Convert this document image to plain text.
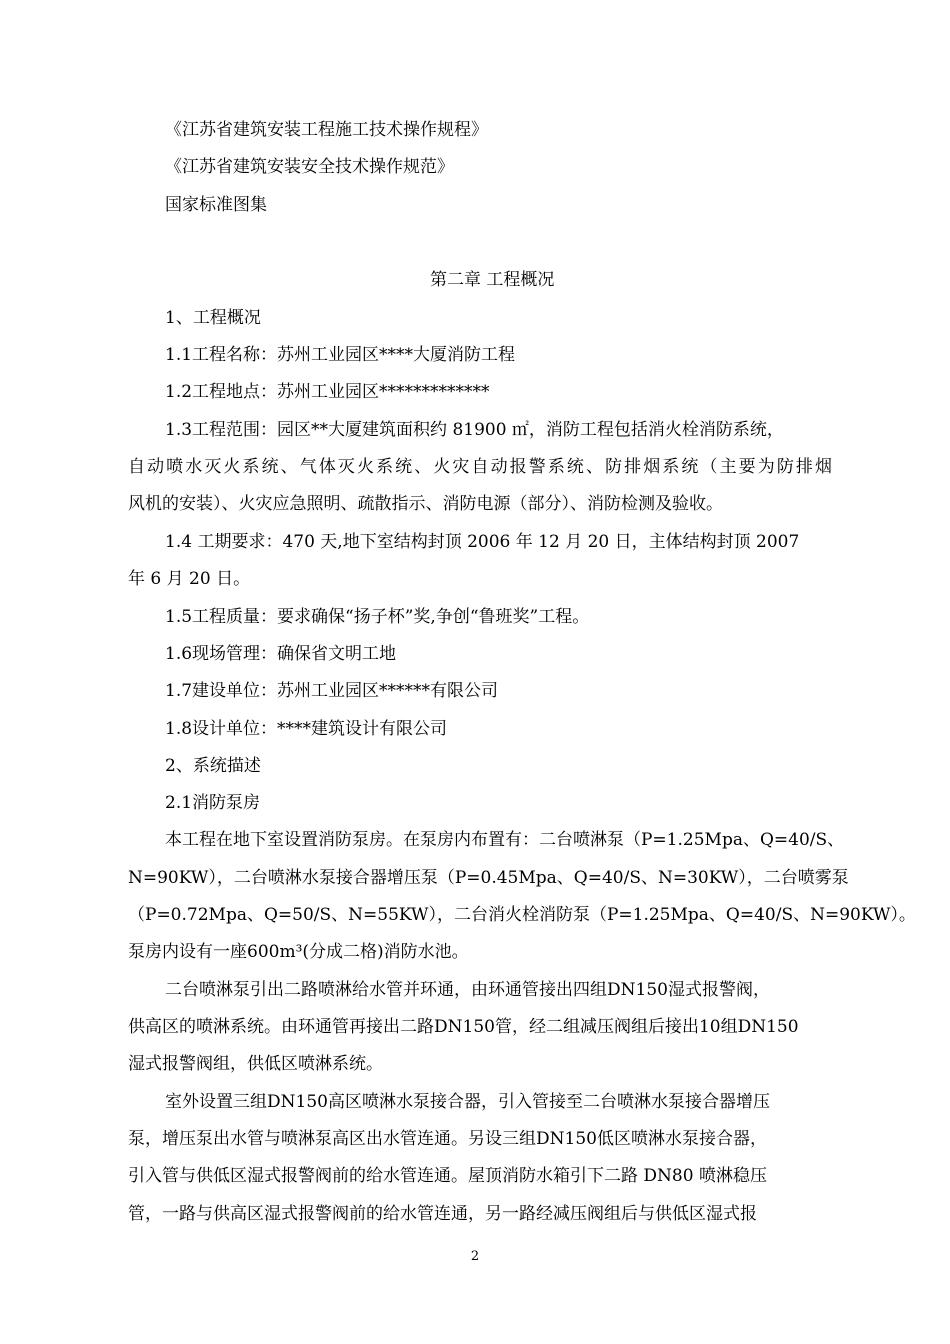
《江苏省建筑安装工程施工技术操作规程》
《江苏省建筑安装安全技术操作规范》
国家标准图集
第二章 工程概况
1、工程概况
1.1工程名称：苏州工业园区****大厦消防工程
1.2工程地点：苏州工业园区*************
1.3工程范围：园区**大厦建筑面积约 81900 ㎡，消防工程包括消火栓消防系统，
自动喷水灭火系统、气体灭火系统、火灾自动报警系统、防排烟系统（主要为防排烟
风机的安装）、火灾应急照明、疏散指示、消防电源（部分）、消防检测及验收。
1.4 工期要求：470 天,地下室结构封顶 2006 年 12 月 20 日，主体结构封顶 2007
年 6 月 20 日。
1.5工程质量：要求确保“扬子杯”奖,争创“鲁班奖”工程。
1.6现场管理：确保省文明工地
1.7建设单位：苏州工业园区******有限公司
1.8设计单位：****建筑设计有限公司
2、系统描述
2.1消防泵房
本工程在地下室设置消防泵房。在泵房内布置有：二台喷淋泵（P=1.25Mpa、Q=40/S、
N=90KW），二台喷淋水泵接合器增压泵（P=0.45Mpa、Q=40/S、N=30KW），二台喷雾泵
（P=0.72Mpa、Q=50/S、N=55KW），二台消火栓消防泵（P=1.25Mpa、Q=40/S、N=90KW）。
泵房内设有一座600m³(分成二格)消防水池。
二台喷淋泵引出二路喷淋给水管并环通，由环通管接出四组DN150湿式报警阀，
供高区的喷淋系统。由环通管再接出二路DN150管，经二组减压阀组后接出10组DN150
湿式报警阀组，供低区喷淋系统。
室外设置三组DN150高区喷淋水泵接合器，引入管接至二台喷淋水泵接合器增压
泵，增压泵出水管与喷淋泵高区出水管连通。另设三组DN150低区喷淋水泵接合器，
引入管与供低区湿式报警阀前的给水管连通。屋顶消防水箱引下二路 DN80 喷淋稳压
管，一路与供高区湿式报警阀前的给水管连通，另一路经减压阀组后与供低区湿式报
2
